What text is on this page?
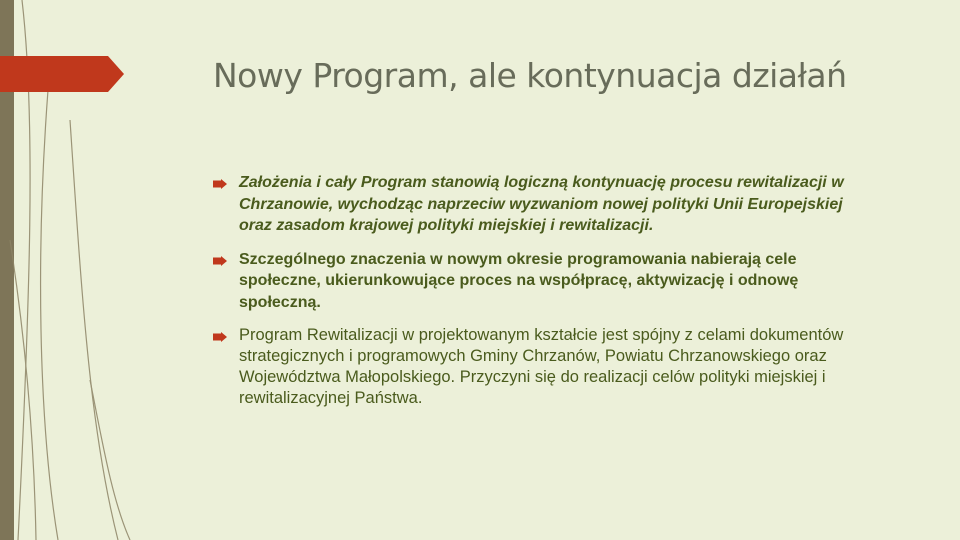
Nowy Program, ale kontynuacja działań
Założenia i cały Program stanowią logiczną kontynuację procesu rewitalizacji w Chrzanowie, wychodząc naprzeciw wyzwaniom nowej polityki Unii Europejskiej oraz zasadom krajowej polityki miejskiej i rewitalizacji.
Szczególnego znaczenia w nowym okresie programowania nabierają cele społeczne, ukierunkowujące proces na współpracę, aktywizację i odnowę społeczną.
Program Rewitalizacji w projektowanym kształcie jest spójny z celami dokumentów strategicznych i programowych Gminy Chrzanów, Powiatu Chrzanowskiego oraz Województwa Małopolskiego. Przyczyni się do realizacji celów polityki miejskiej i rewitalizacyjnej Państwa.
